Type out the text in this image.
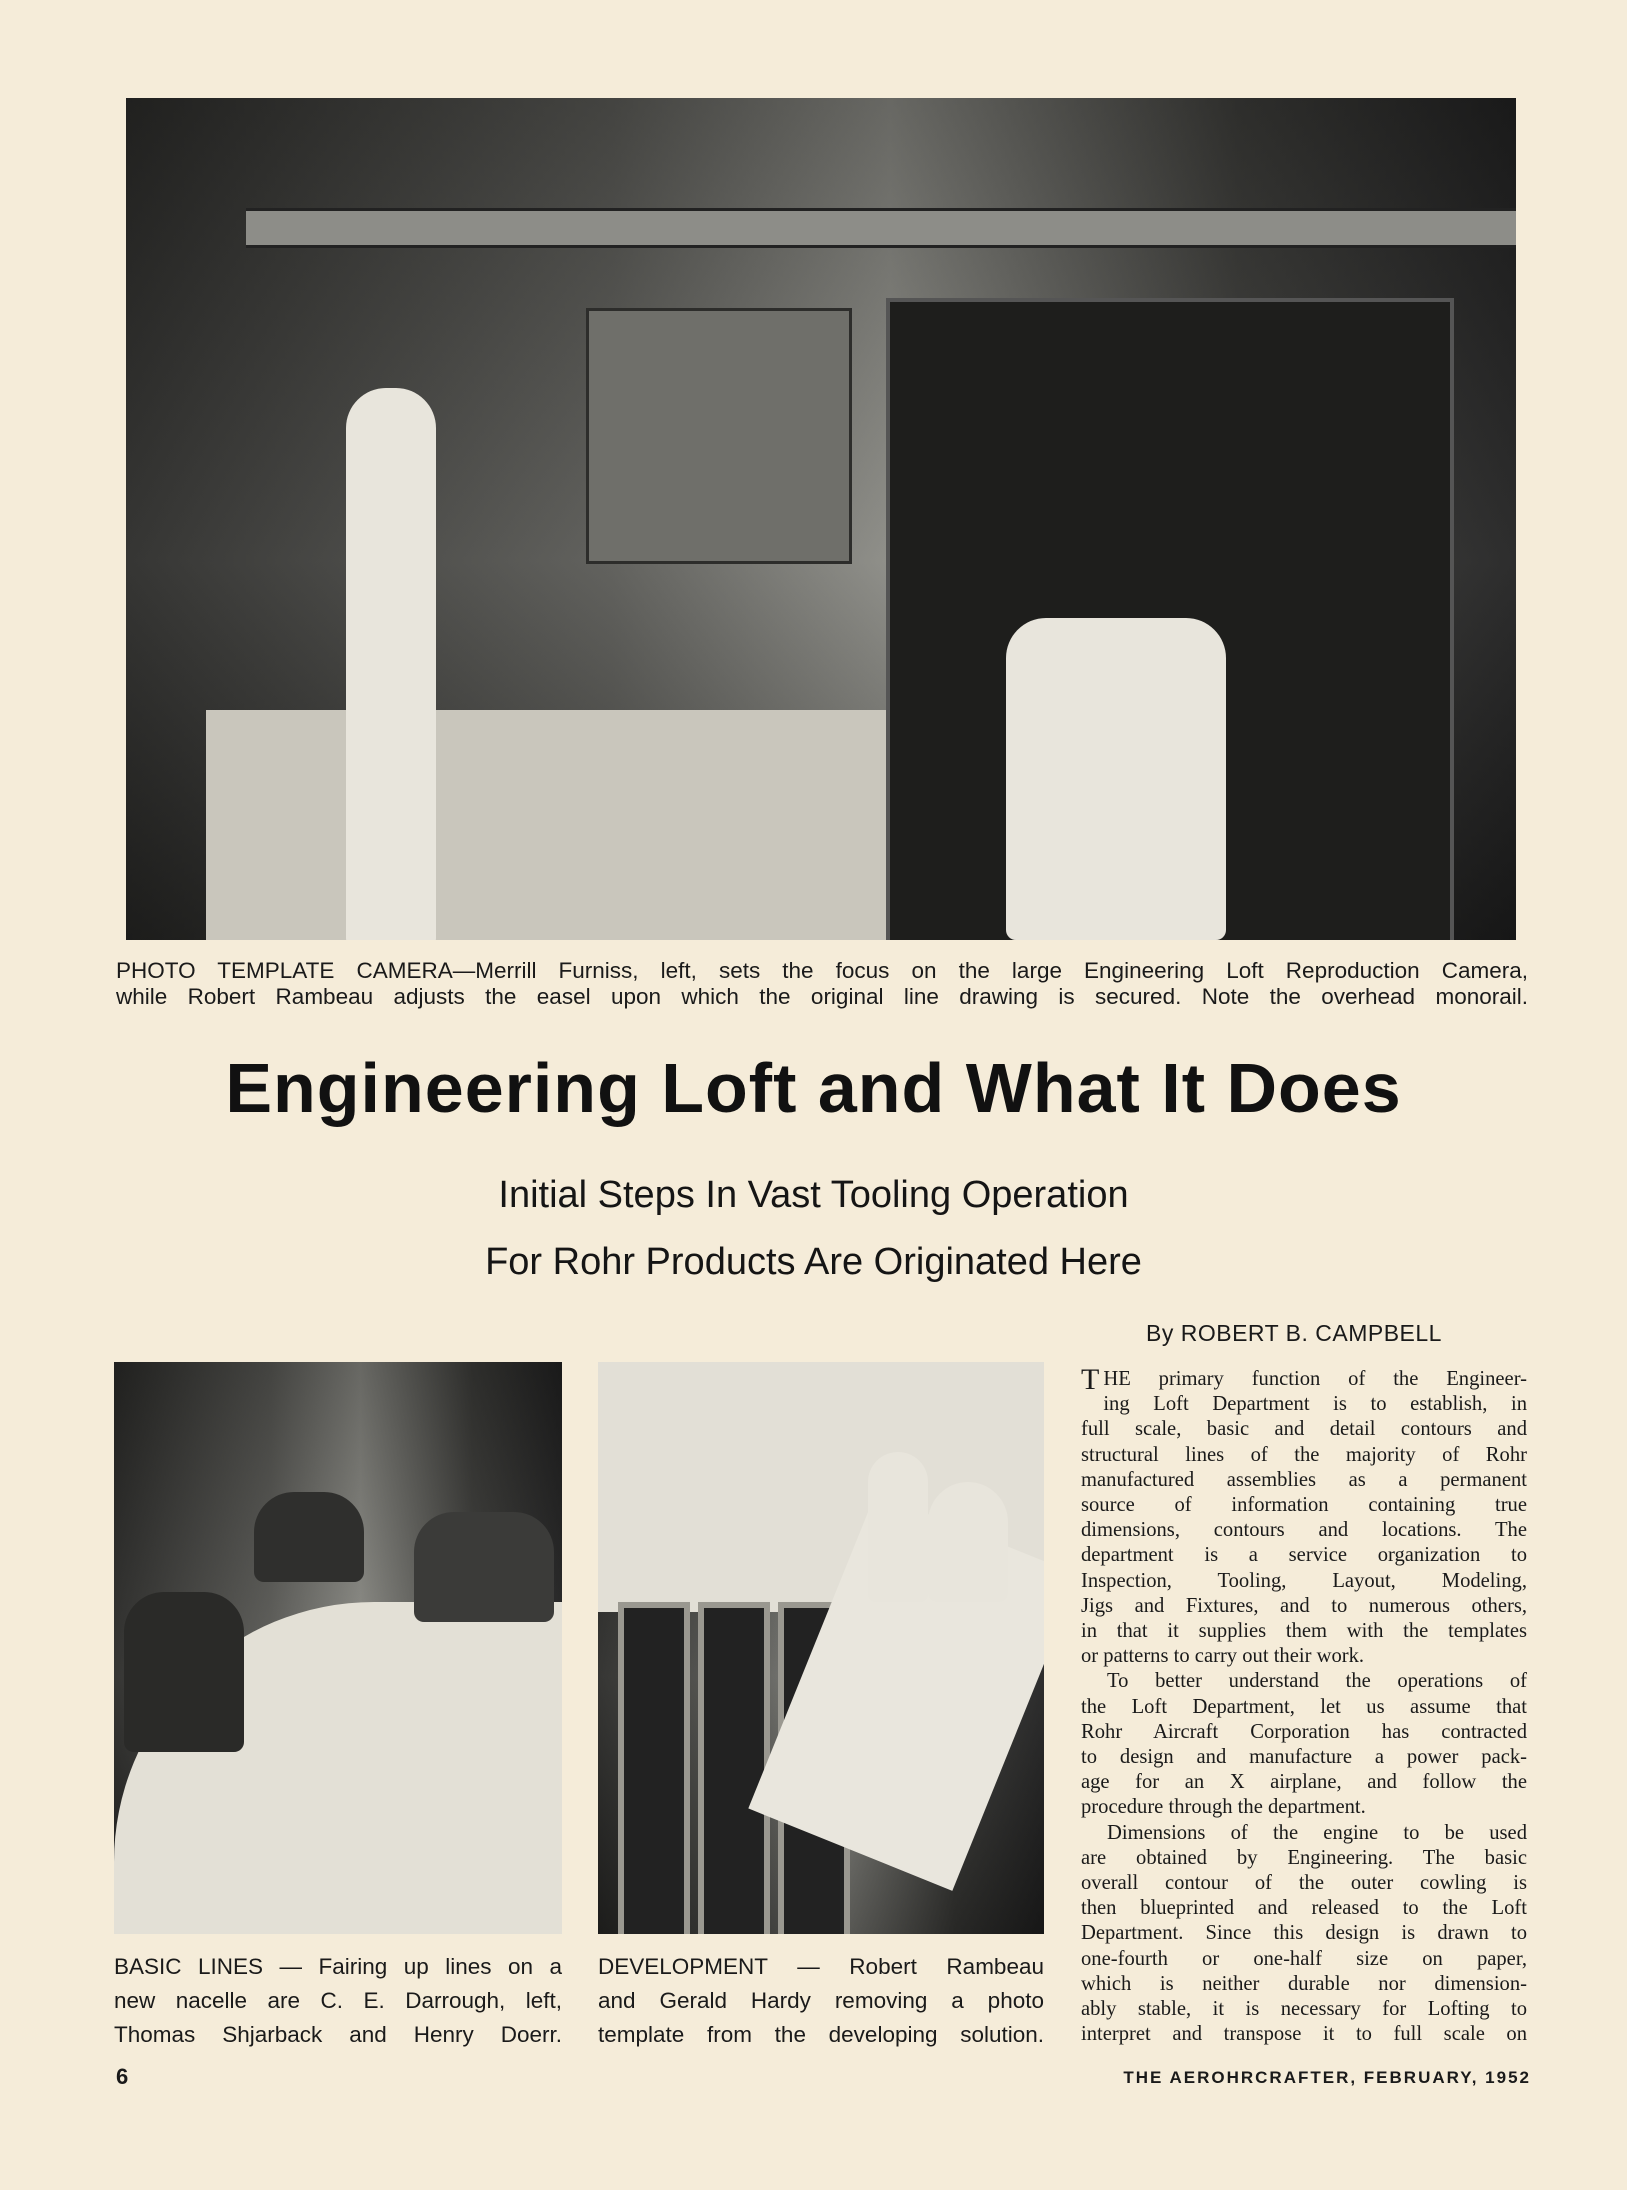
PHOTO TEMPLATE CAMERA—Merrill Furniss, left, sets the focus on the large Engineering Loft Reproduction Camera,
while Robert Rambeau adjusts the easel upon which the original line drawing is secured. Note the overhead monorail.
Engineering Loft and What It Does
Initial Steps In Vast Tooling Operation
For Rohr Products Are Originated Here
By ROBERT B. CAMPBELL
BASIC LINES — Fairing up lines on a
new nacelle are C. E. Darrough, left,
Thomas Shjarback and Henry Doerr.
DEVELOPMENT — Robert Rambeau
and Gerald Hardy removing a photo
template from the developing solution.
T HE primary function of the Engineer-
ing Loft Department is to establish, in
full scale, basic and detail contours and
structural lines of the majority of Rohr
manufactured assemblies as a permanent
source of information containing true
dimensions, contours and locations. The
department is a service organization to
Inspection, Tooling, Layout, Modeling,
Jigs and Fixtures, and to numerous others,
in that it supplies them with the templates
or patterns to carry out their work.
To better understand the operations of
the Loft Department, let us assume that
Rohr Aircraft Corporation has contracted
to design and manufacture a power pack-
age for an X airplane, and follow the
procedure through the department.
Dimensions of the engine to be used
are obtained by Engineering. The basic
overall contour of the outer cowling is
then blueprinted and released to the Loft
Department. Since this design is drawn to
one-fourth or one-half size on paper,
which is neither durable nor dimension-
ably stable, it is necessary for Lofting to
interpret and transpose it to full scale on
6	THE AEROHRCRAFTER, FEBRUARY, 1952
